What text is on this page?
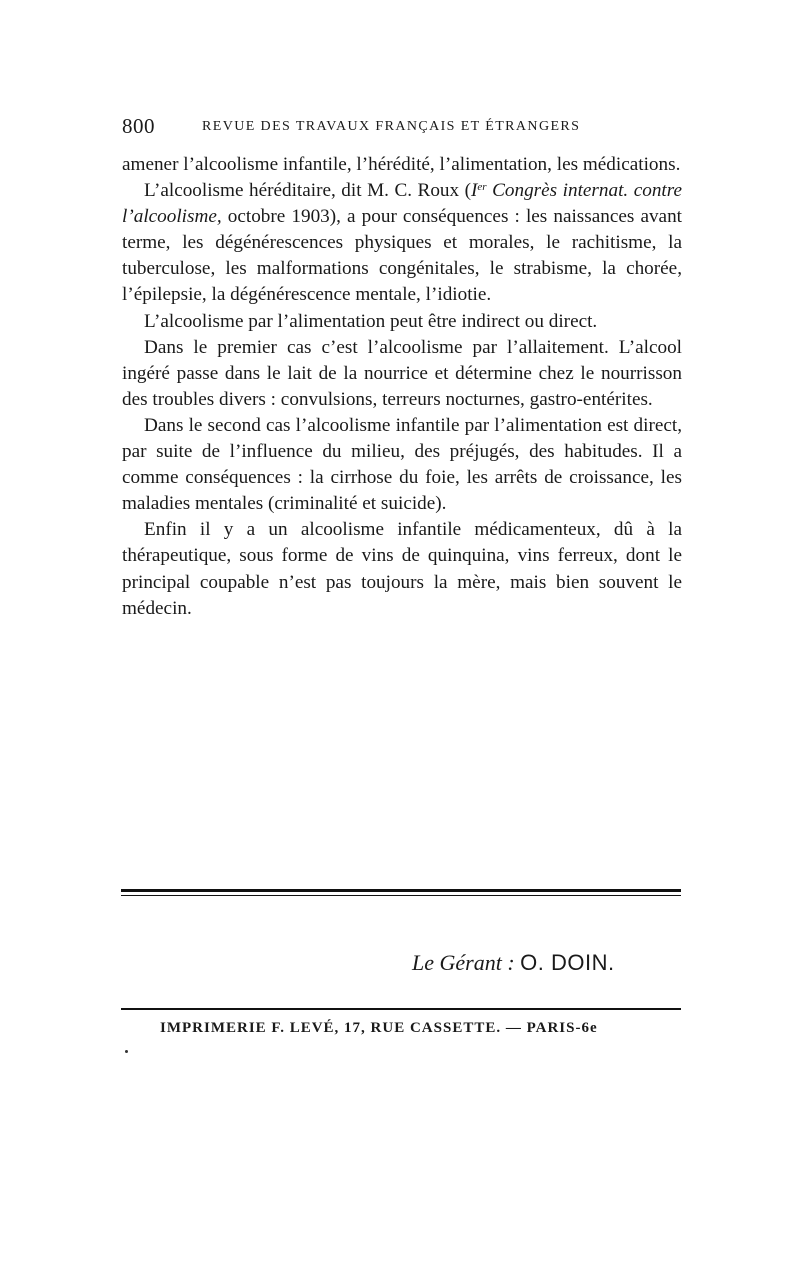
800	REVUE DES TRAVAUX FRANÇAIS ET ÉTRANGERS

amener l’alcoolisme infantile, l’hérédité, l’alimentation, les médications.

L’alcoolisme héréditaire, dit M. C. Roux (Ier Congrès internat. contre l’alcoolisme, octobre 1903), a pour conséquences : les naissances avant terme, les dégénérescences physiques et morales, le rachitisme, la tuberculose, les malformations congénitales, le strabisme, la chorée, l’épilepsie, la dégénérescence mentale, l’idiotie.

L’alcoolisme par l’alimentation peut être indirect ou direct.

Dans le premier cas c’est l’alcoolisme par l’allaitement. L’alcool ingéré passe dans le lait de la nourrice et détermine chez le nourrisson des troubles divers : convulsions, terreurs nocturnes, gastro-entérites.

Dans le second cas l’alcoolisme infantile par l’alimentation est direct, par suite de l’influence du milieu, des préjugés, des habitudes. Il a comme conséquences : la cirrhose du foie, les arrêts de croissance, les maladies mentales (criminalité et suicide).

Enfin il y a un alcoolisme infantile médicamenteux, dû à la thérapeutique, sous forme de vins de quinquina, vins ferreux, dont le principal coupable n’est pas toujours la mère, mais bien souvent le médecin.

Le Gérant : O. DOIN.
IMPRIMERIE F. LEVÉ, 17, RUE CASSETTE. — PARIS-6e
